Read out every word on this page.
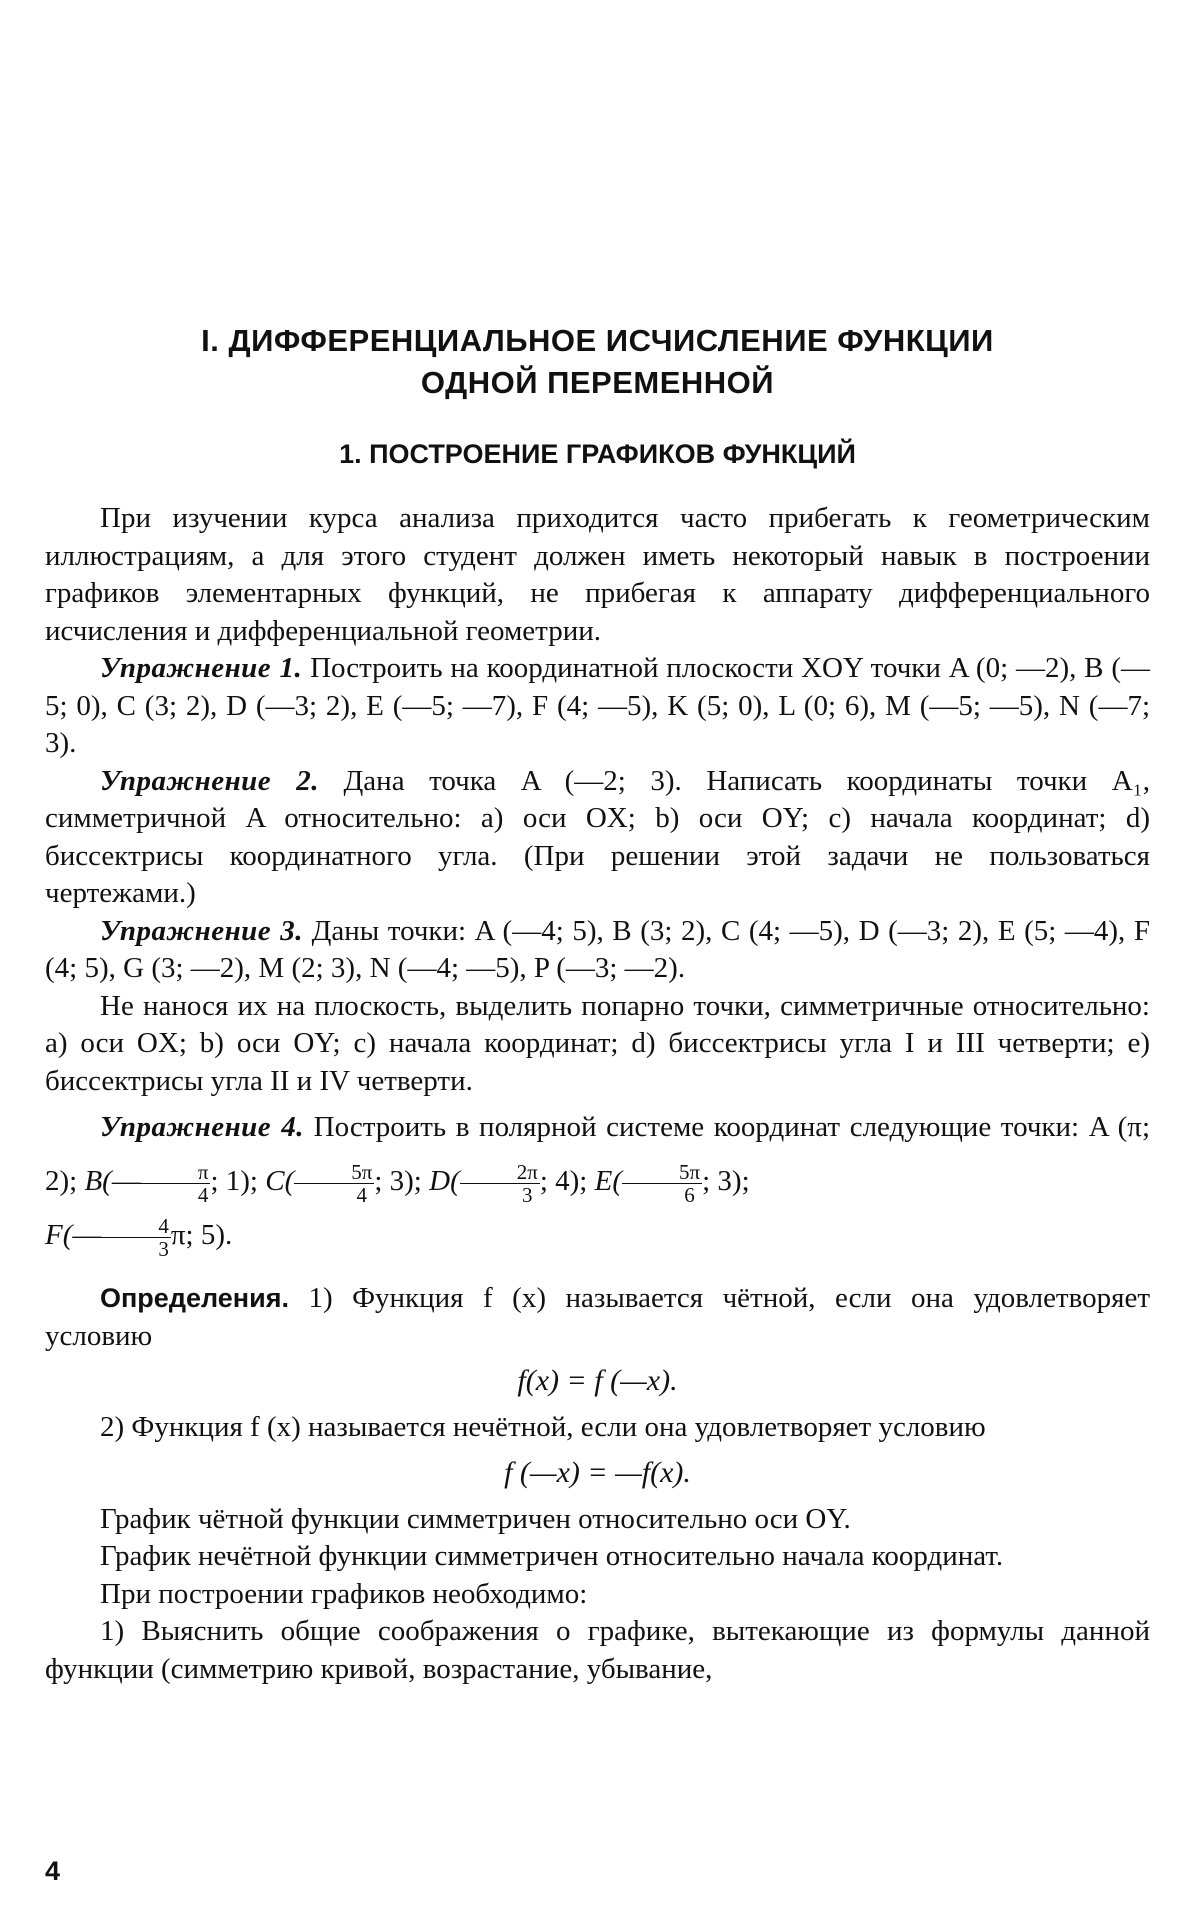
I. ДИФФЕРЕНЦИАЛЬНОЕ ИСЧИСЛЕНИЕ ФУНКЦИИ
ОДНОЙ ПЕРЕМЕННОЙ
1. ПОСТРОЕНИЕ ГРАФИКОВ ФУНКЦИЙ

При изучении курса анализа приходится часто прибегать к геометрическим иллюстрациям, а для этого студент должен иметь некоторый навык в построении графиков элементарных функций, не прибегая к аппарату дифференциального исчисления и дифференциальной геометрии.

Упражнение 1. Построить на координатной плоскости XOY точки A (0; —2), B (—5; 0), C (3; 2), D (—3; 2), E (—5; —7), F (4; —5), K (5; 0), L (0; 6), M (—5; —5), N (—7; 3).

Упражнение 2. Дана точка A (—2; 3). Написать координаты точки A₁, симметричной A относительно: a) оси OX; b) оси OY; c) начала координат; d) биссектрисы координатного угла. (При решении этой задачи не пользоваться чертежами.)

Упражнение 3. Даны точки: A (—4; 5), B (3; 2), C (4; —5), D (—3; 2), E (5; —4), F (4; 5), G (3; —2), M (2; 3), N (—4; —5), P (—3; —2).

Не нанося их на плоскость, выделить попарно точки, симметричные относительно: a) оси OX; b) оси OY; c) начала координат; d) биссектрисы угла I и III четверти; e) биссектрисы угла II и IV четверти.

Упражнение 4. Построить в полярной системе координат следующие точки: A (π; 2); B(— $\frac{\pi}{4}$ ; 1); $C( \frac{5\pi}{4}$ ; 3); $D( \frac{2\pi}{3}$ ; 4); $E( \frac{5\pi}{6}$ ; 3);
F(— $\frac{4}{3} \pi$; 5).

Определения. 1) Функция f (x) называется чётной, если она удовлетворяет условию

f(x) = f (—x).

2) Функция f (x) называется нечётной, если она удовлетворяет условию

f (—x) = —f(x).

График чётной функции симметричен относительно оси OY.

График нечётной функции симметричен относительно начала координат.

При построении графиков необходимо:

1) Выяснить общие соображения о графике, вытекающие из формулы данной функции (симметрию кривой, возрастание, убывание,

4
